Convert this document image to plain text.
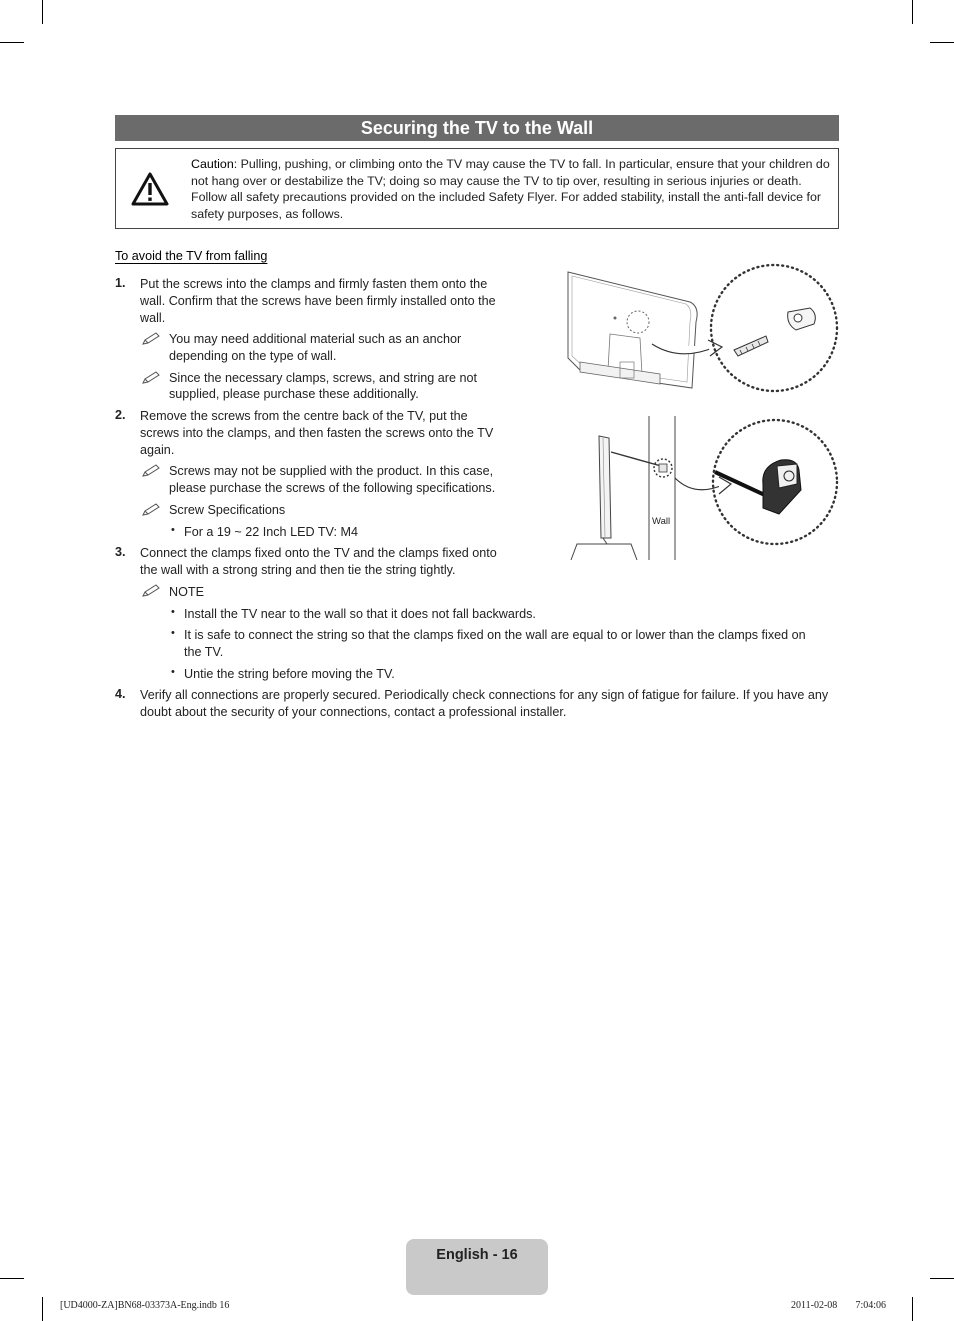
Securing the TV to the Wall
Caution: Pulling, pushing, or climbing onto the TV may cause the TV to fall. In particular, ensure that your children do not hang over or destabilize the TV; doing so may cause the TV to tip over, resulting in serious injuries or death. Follow all safety precautions provided on the included Safety Flyer. For added stability, install the anti-fall device for safety purposes, as follows.
To avoid the TV from falling
1. Put the screws into the clamps and firmly fasten them onto the
wall. Confirm that the screws have been firmly installed onto the
wall.
You may need additional material such as an anchor
depending on the type of wall.
Since the necessary clamps, screws, and string are not
supplied, please purchase these additionally.
2. Remove the screws from the centre back of the TV, put the
screws into the clamps, and then fasten the screws onto the TV
again.
Screws may not be supplied with the product. In this case,
please purchase the screws of the following specifications.
Screw Specifications
• For a 19 ~ 22 Inch LED TV: M4
3. Connect the clamps fixed onto the TV and the clamps fixed onto
the wall with a strong string and then tie the string tightly.
NOTE
• Install the TV near to the wall so that it does not fall backwards.
• It is safe to connect the string so that the clamps fixed on the wall are equal to or lower than the clamps fixed on
the TV.
• Untie the string before moving the TV.
4. Verify all connections are properly secured. Periodically check connections for any sign of fatigue for failure. If you have any
doubt about the security of your connections, contact a professional installer.
Wall
English - 16
[UD4000-ZA]BN68-03373A-Eng.indb 16	2011-02-08 7:04:06
